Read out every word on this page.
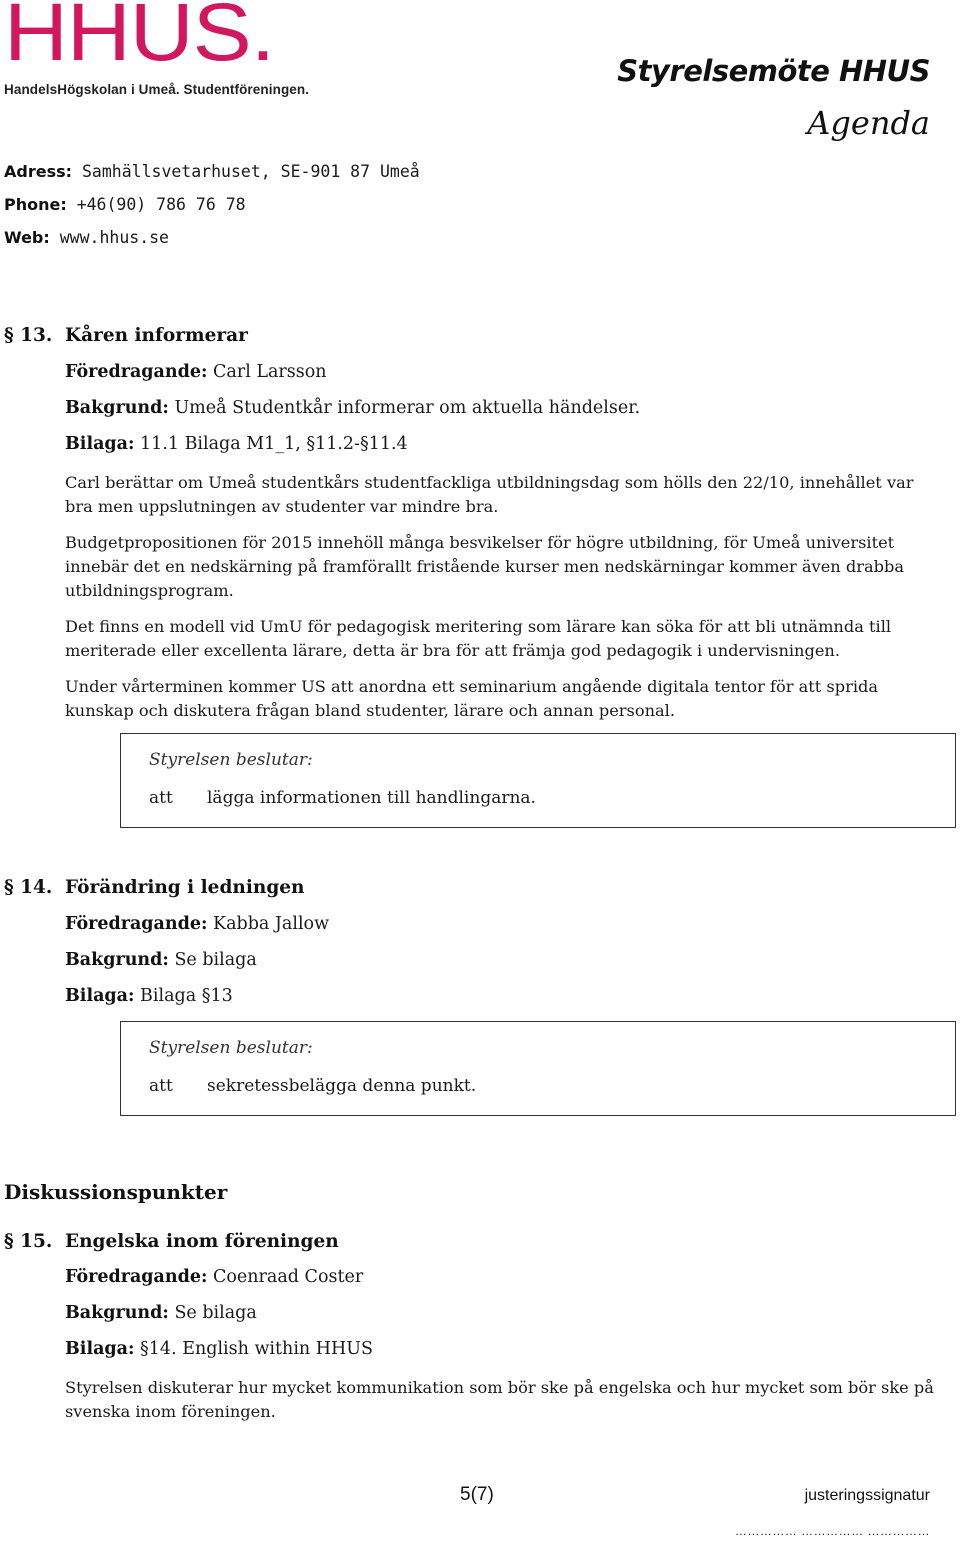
HHUS.
HandelsHögskolan i Umeå. Studentföreningen.
Styrelsemöte HHUS
Agenda
Adress: Samhällsvetarhuset, SE-901 87 Umeå
Phone: +46(90) 786 76 78
Web: www.hhus.se
§ 13. Kåren informerar
Föredragande: Carl Larsson
Bakgrund: Umeå Studentkår informerar om aktuella händelser.
Bilaga: 11.1 Bilaga M1_1, §11.2-§11.4
Carl berättar om Umeå studentkårs studentfackliga utbildningsdag som hölls den 22/10, innehållet var bra men uppslutningen av studenter var mindre bra.
Budgetpropositionen för 2015 innehöll många besvikelser för högre utbildning, för Umeå universitet innebär det en nedskärning på framförallt fristående kurser men nedskärningar kommer även drabba utbildningsprogram.
Det finns en modell vid UmU för pedagogisk meritering som lärare kan söka för att bli utnämnda till meriterade eller excellenta lärare, detta är bra för att främja god pedagogik i undervisningen.
Under vårterminen kommer US att anordna ett seminarium angående digitala tentor för att sprida kunskap och diskutera frågan bland studenter, lärare och annan personal.
Styrelsen beslutar:
att lägga informationen till handlingarna.
§ 14. Förändring i ledningen
Föredragande: Kabba Jallow
Bakgrund: Se bilaga
Bilaga: Bilaga §13
Styrelsen beslutar:
att sekretessbelägga denna punkt.
Diskussionspunkter
§ 15. Engelska inom föreningen
Föredragande: Coenraad Coster
Bakgrund: Se bilaga
Bilaga: §14. English within HHUS
Styrelsen diskuterar hur mycket kommunikation som bör ske på engelska och hur mycket som bör ske på svenska inom föreningen.
5(7)	justeringssignatur
…………… …………… ……………
